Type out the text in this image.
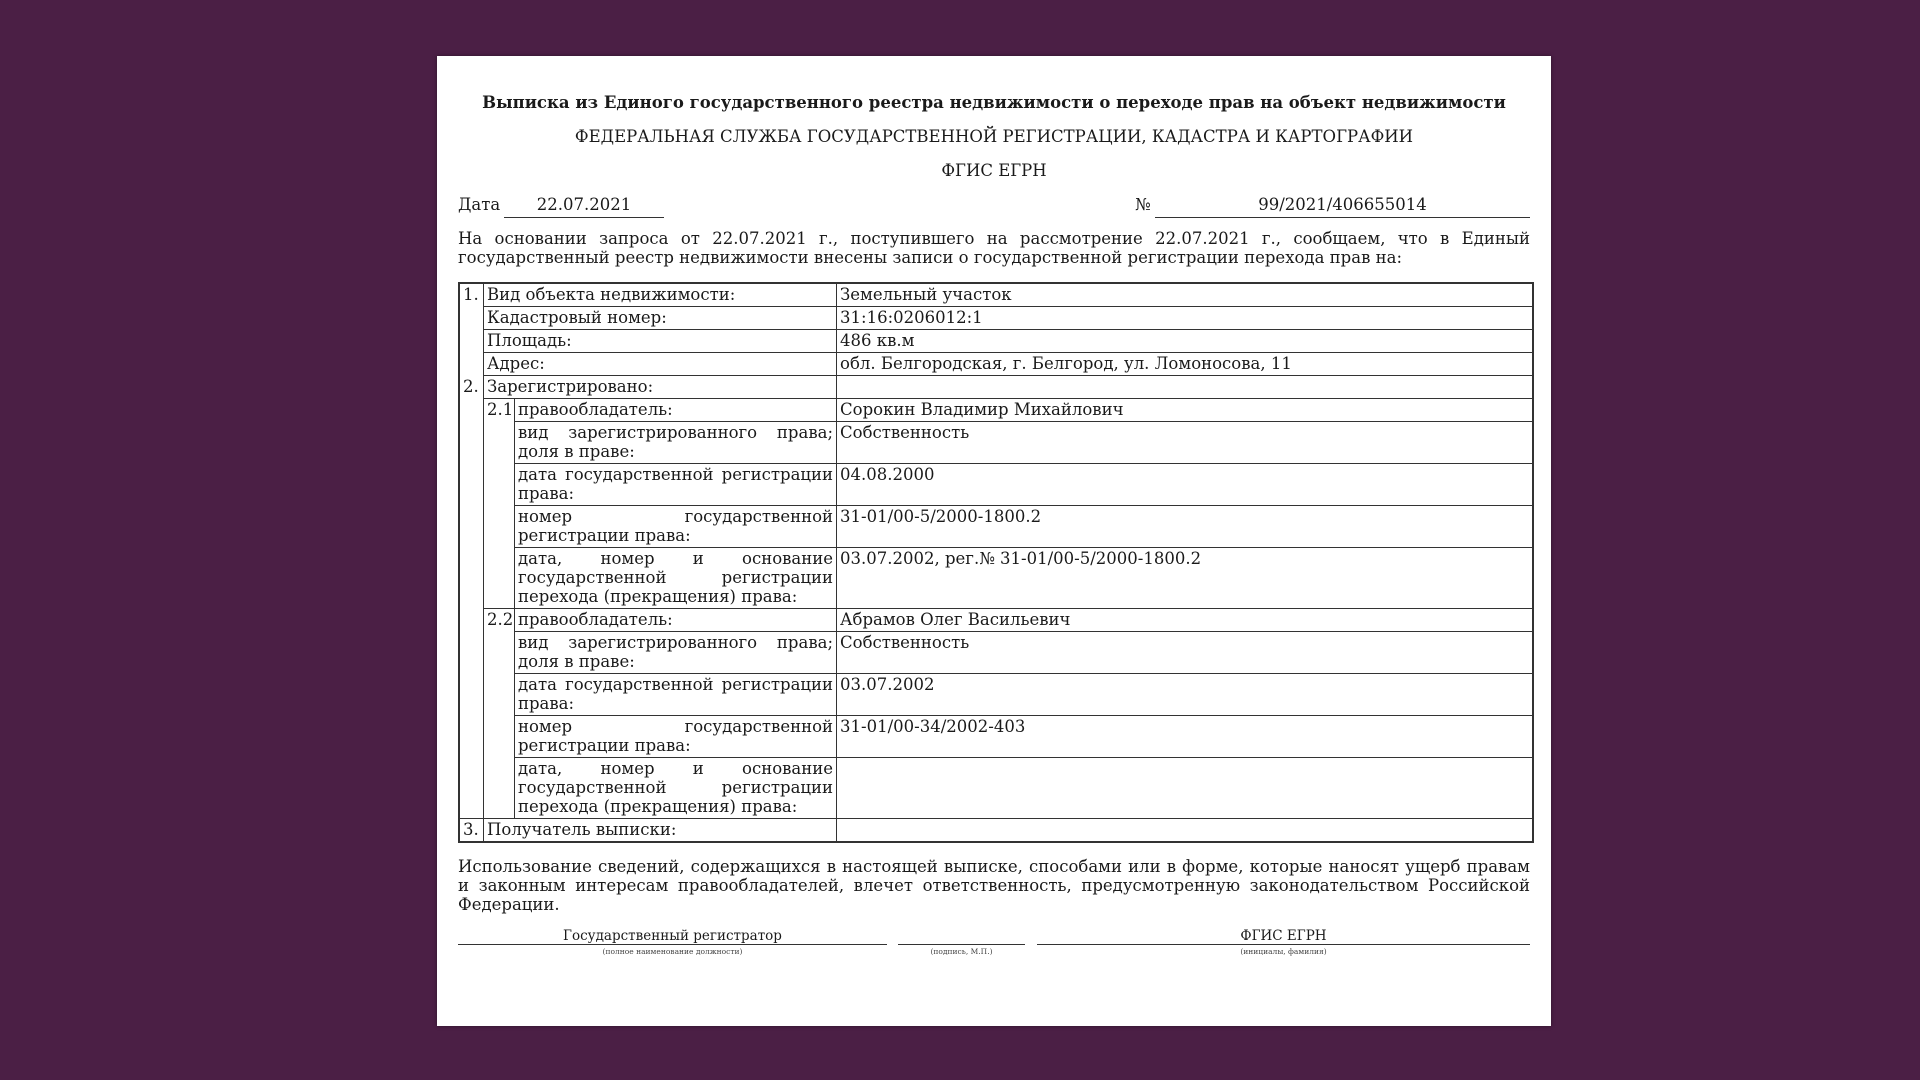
Выписка из Единого государственного реестра недвижимости о переходе прав на объект недвижимости
ФЕДЕРАЛЬНАЯ СЛУЖБА ГОСУДАРСТВЕННОЙ РЕГИСТРАЦИИ, КАДАСТРА И КАРТОГРАФИИ
ФГИС ЕГРН
Дата	22.07.2021	№	99/2021/406655014
На основании запроса от 22.07.2021 г., поступившего на рассмотрение 22.07.2021 г., сообщаем, что в Единый государственный реестр недвижимости внесены записи о государственной регистрации перехода прав на:
1.	Вид объекта недвижимости:		Земельный участок
	Кадастровый номер:		31:16:0206012:1
	Площадь:		486 кв.м
	Адрес:		обл. Белгородская, г. Белгород, ул. Ломоносова, 11
2.	Зарегистрировано:		
	2.1	правообладатель:	Сорокин Владимир Михайлович
		вид зарегистрированного права; доля в праве:	Собственность
		дата государственной регистрации права:	04.08.2000
		номер государственной регистрации права:	31-01/00-5/2000-1800.2
		дата, номер и основание государственной регистрации перехода (прекращения) права:	03.07.2002, рег.№ 31-01/00-5/2000-1800.2
	2.2	правообладатель:	Абрамов Олег Васильевич
		вид зарегистрированного права; доля в праве:	Собственность
		дата государственной регистрации права:	03.07.2002
		номер государственной регистрации права:	31-01/00-34/2002-403
		дата, номер и основание государственной регистрации перехода (прекращения) права:	
3.	Получатель выписки:		
Использование сведений, содержащихся в настоящей выписке, способами или в форме, которые наносят ущерб правам и законным интересам правообладателей, влечет ответственность, предусмотренную законодательством Российской Федерации.
Государственный регистратор
(полное наименование должности)	(подпись, М.П.)
ФГИС ЕГРН
(инициалы, фамилия)
